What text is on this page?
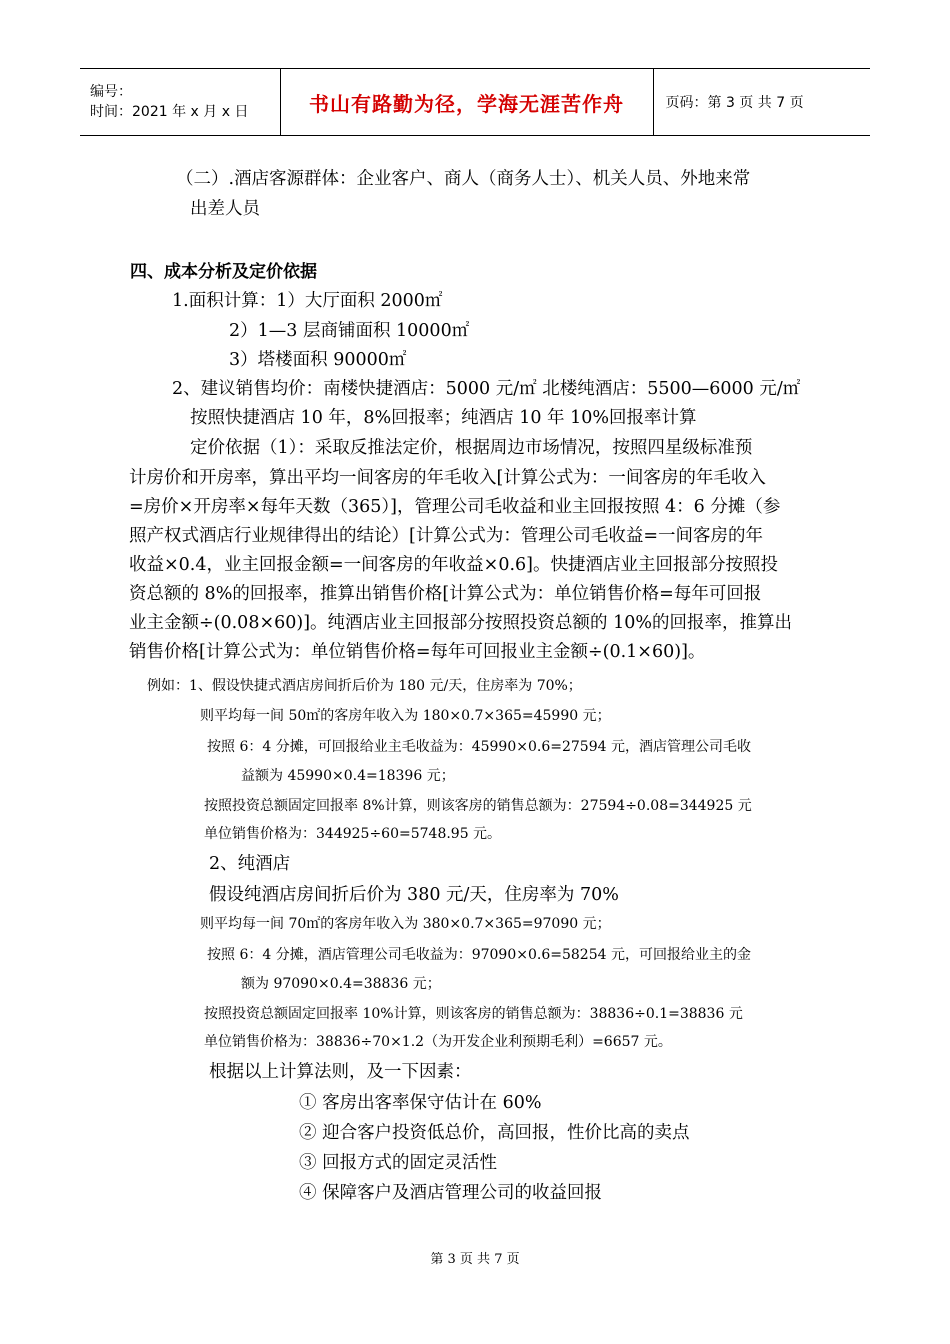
编号：
时间：2021 年 x 月 x 日	书山有路勤为径，学海无涯苦作舟	页码：第 3 页 共 7 页
（二）.酒店客源群体：企业客户、商人（商务人士）、机关人员、外地来常
出差人员
四、成本分析及定价依据
1.面积计算：1）大厅面积 2000㎡
2）1—3 层商铺面积 10000㎡
3）塔楼面积 90000㎡
2、建议销售均价：南楼快捷酒店：5000 元/㎡ 北楼纯酒店：5500—6000 元/㎡
按照快捷酒店 10 年，8%回报率；纯酒店 10 年 10%回报率计算
定价依据（1）：采取反推法定价，根据周边市场情况，按照四星级标准预
计房价和开房率，算出平均一间客房的年毛收入[计算公式为：一间客房的年毛收入
=房价×开房率×每年天数（365）]，管理公司毛收益和业主回报按照 4：6 分摊（参
照产权式酒店行业规律得出的结论）[计算公式为：管理公司毛收益=一间客房的年
收益×0.4，业主回报金额=一间客房的年收益×0.6]。快捷酒店业主回报部分按照投
资总额的 8%的回报率，推算出销售价格[计算公式为：单位销售价格=每年可回报
业主金额÷(0.08×60)]。纯酒店业主回报部分按照投资总额的 10%的回报率，推算出
销售价格[计算公式为：单位销售价格=每年可回报业主金额÷(0.1×60)]。
例如：1、假设快捷式酒店房间折后价为 180 元/天，住房率为 70%；
则平均每一间 50㎡的客房年收入为 180×0.7×365=45990 元；
按照 6：4 分摊，可回报给业主毛收益为：45990×0.6=27594 元，酒店管理公司毛收
益额为 45990×0.4=18396 元；
按照投资总额固定回报率 8%计算，则该客房的销售总额为：27594÷0.08=344925 元
单位销售价格为：344925÷60=5748.95 元。
2、纯酒店
假设纯酒店房间折后价为 380 元/天，住房率为 70%
则平均每一间 70㎡的客房年收入为 380×0.7×365=97090 元；
按照 6：4 分摊，酒店管理公司毛收益为：97090×0.6=58254 元，可回报给业主的金
额为 97090×0.4=38836 元；
按照投资总额固定回报率 10%计算，则该客房的销售总额为：38836÷0.1=38836 元
单位销售价格为：38836÷70×1.2（为开发企业利预期毛利）=6657 元。
根据以上计算法则，及一下因素：
① 客房出客率保守估计在 60%
② 迎合客户投资低总价，高回报，性价比高的卖点
③ 回报方式的固定灵活性
④ 保障客户及酒店管理公司的收益回报
第 3 页 共 7 页
